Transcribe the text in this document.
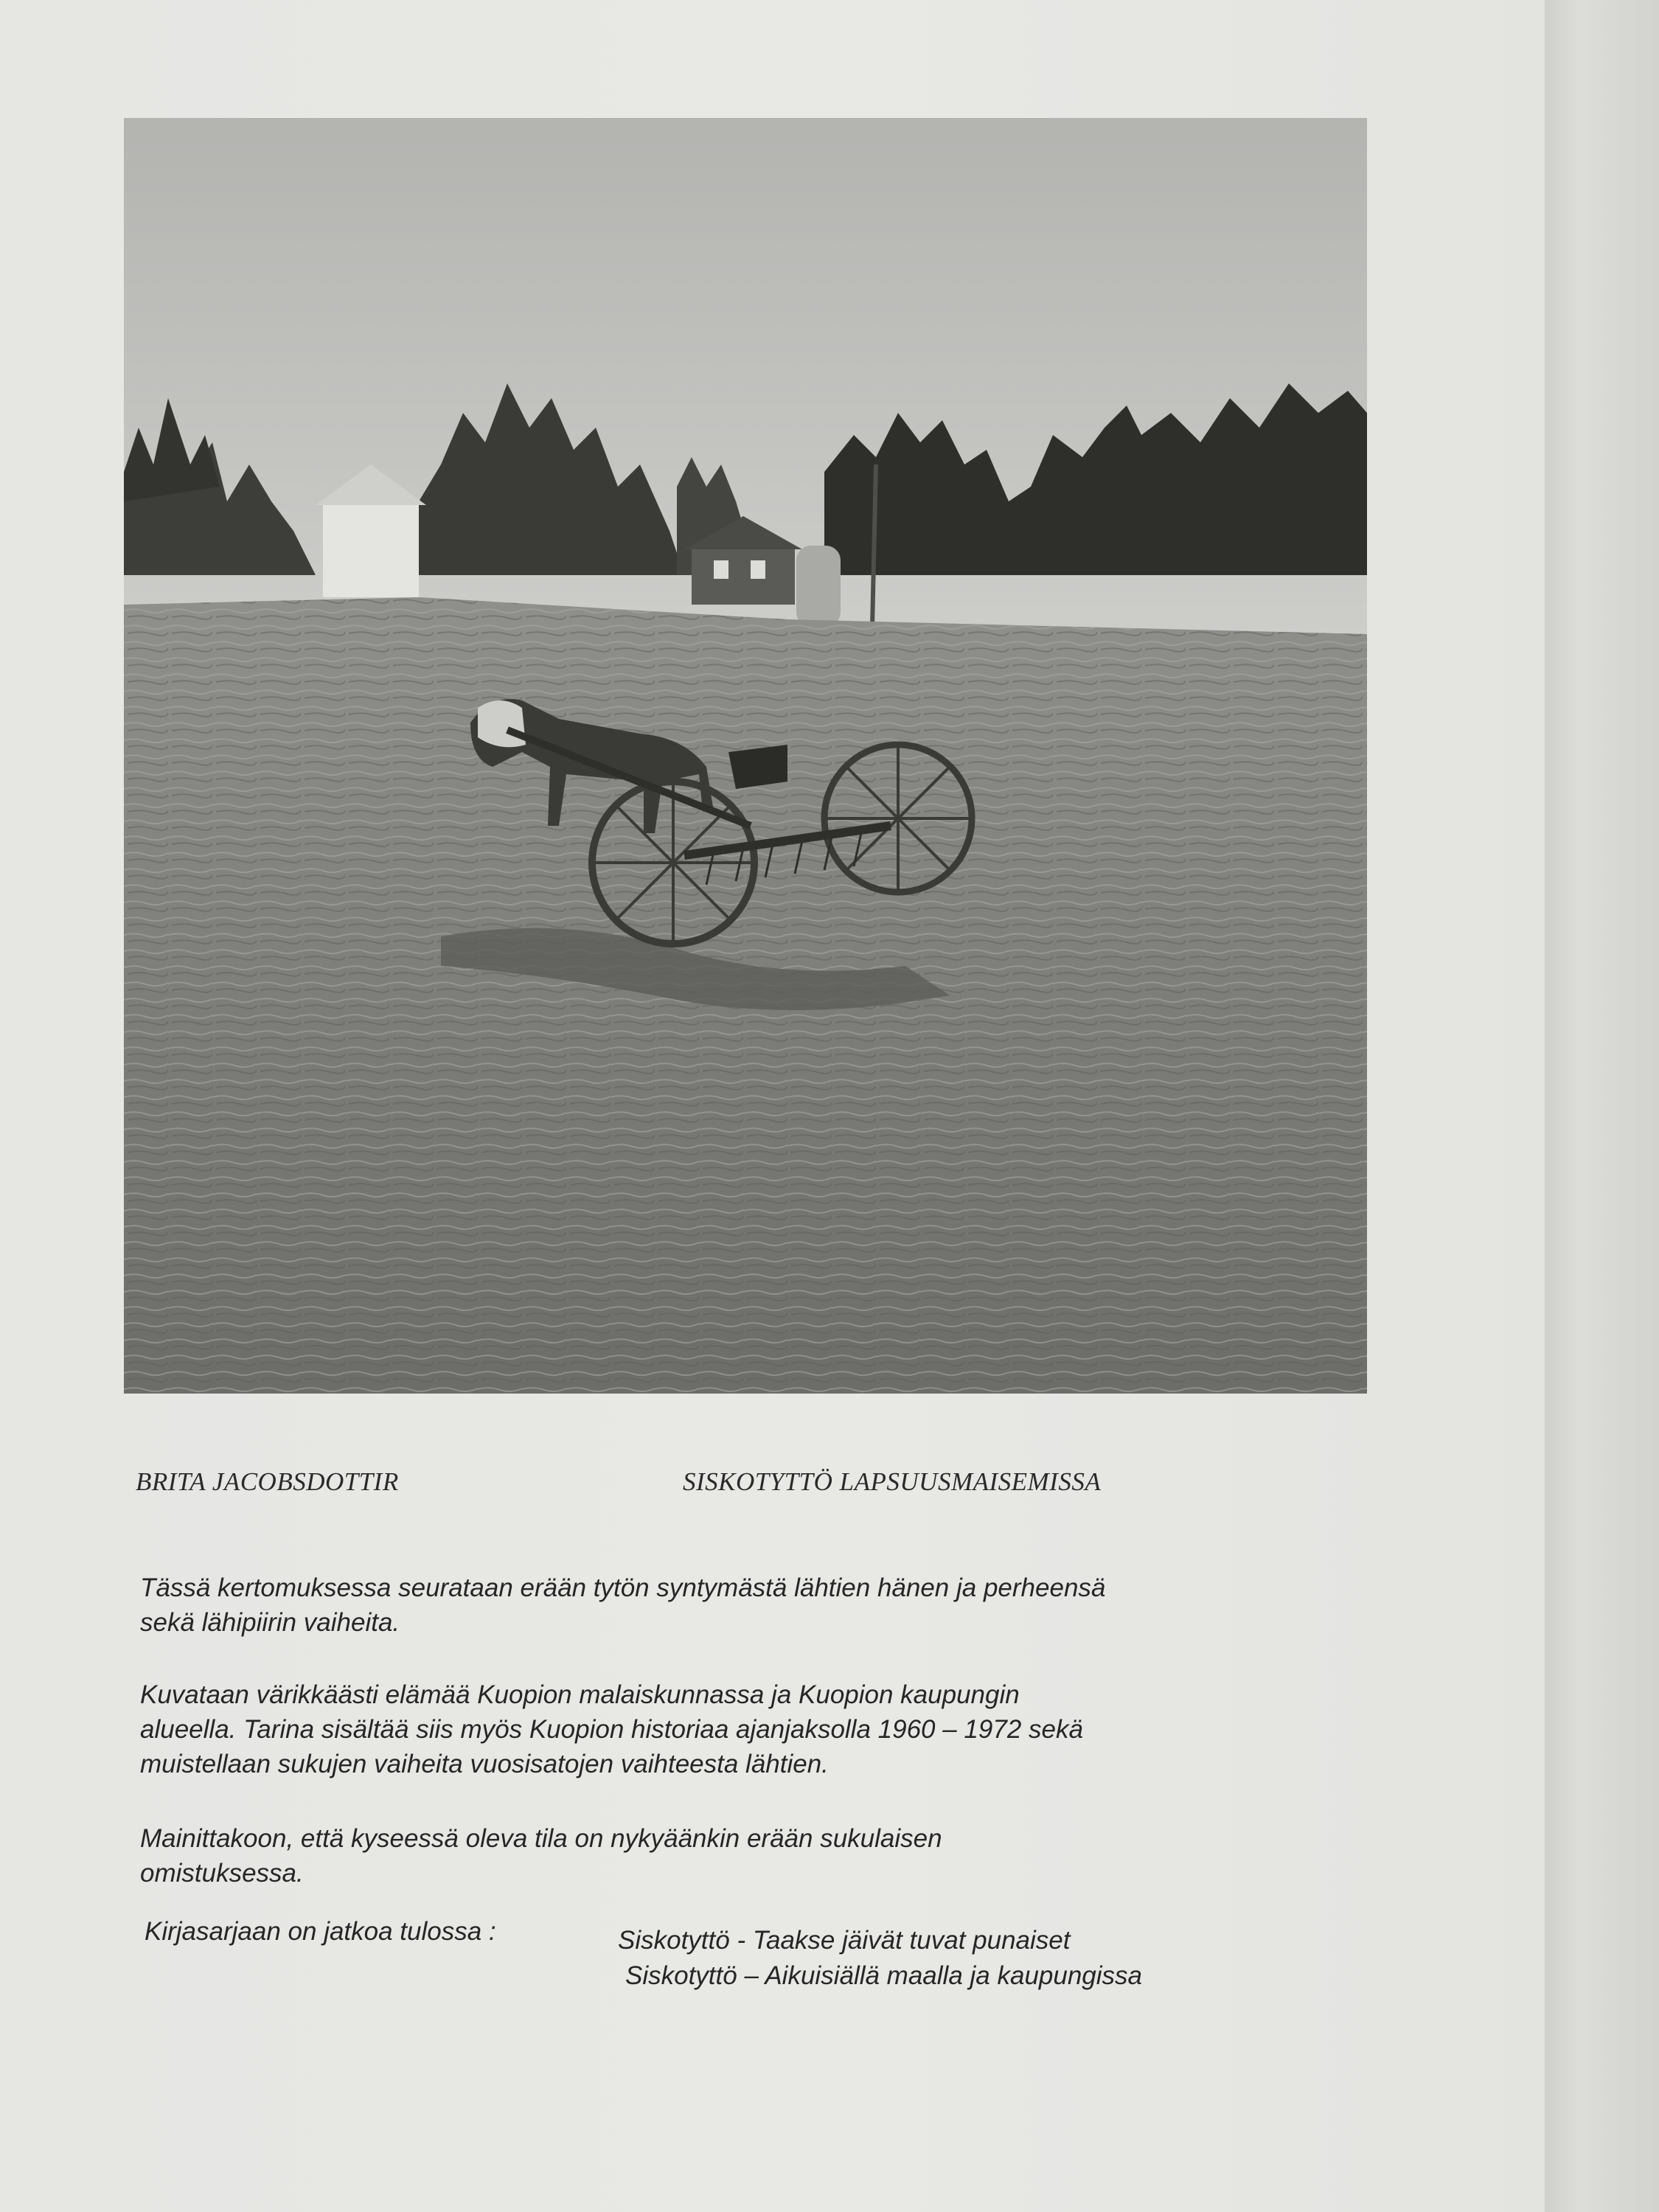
BRITA JACOBSDOTTIR	SISKOTYTTÖ LAPSUUSMAISEMISSA

Tässä kertomuksessa seurataan erään tytön syntymästä lähtien hänen ja perheensä
sekä lähipiirin vaiheita.

Kuvataan värikkäästi elämää Kuopion malaiskunnassa ja Kuopion kaupungin
alueella. Tarina sisältää siis myös Kuopion historiaa ajanjaksolla 1960 – 1972 sekä
muistellaan sukujen vaiheita vuosisatojen vaihteesta lähtien.

Mainittakoon, että kyseessä oleva tila on nykyäänkin erään sukulaisen
omistuksessa.

Kirjasarjaan on jatkoa tulossa :	Siskotyttö - Taakse jäivät tuvat punaiset
Siskotyttö – Aikuisiällä maalla ja kaupungissa
